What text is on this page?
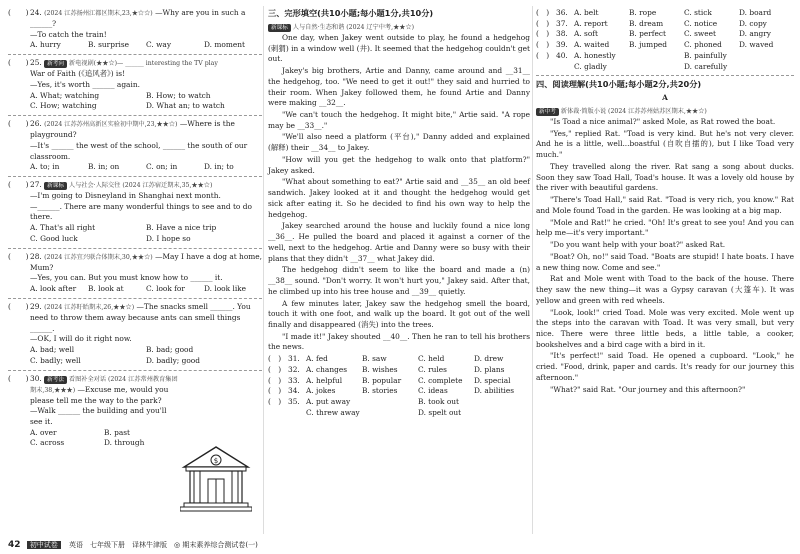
(　　) 24. (2024 江苏扬州江都区期末,23,★☆☆) —Why are you in such a ______?
—To catch the train!
A. hurry	B. surprise	C. way	D. moment
(　　) 25. 新考向 新电视剧(★★☆)— ______ interesting the TV play
War of Faith (《追风者》) is!
—Yes, it's worth ______ again.
A. What; watching	B. How; to watch
C. How; watching	D. What an; to watch
(　　) 26. (2024 江苏苏州高新区实验初中期中,23,★★☆) —Where is the playground?
—It's ______ the west of the school, ______ the south of our classroom.
A. to; in	B. in; on	C. on; in	D. in; to
(　　) 27. 新课标 人与社会·人际交往 (2024 江苏宿迁期末,35,★★☆)
—I'm going to Disneyland in Shanghai next month.
—______. There are many wonderful things to see and to do there.
A. That's all right	B. Have a nice trip
C. Good luck	D. I hope so
(　　) 28. (2024 江苏宜兴联合体期末,30,★★☆) —May I have a dog at home, Mum?
—Yes, you can. But you must know how to ______ it.
A. look after	B. look at	C. look for	D. look like
(　　) 29. (2024 江苏盱眙期末,26,★★☆) —The snacks smell ______. You need to throw them away because ants can smell things ______.
—OK, I will do it right now.
A. bad; well	B. bad; good
C. badly; well	D. badly; good
(　　) 30. 新考法 看图补全对话 (2024 江苏常州教育集团期末,38,★★★) —Excuse me, would you please tell me the way to the park?
—Walk ______ the building and you'll see it.
A. over	B. past
C. across	D. through
$
三、完形填空(共10小题;每小题1分,共10分)
新课标 人与自然·生态和谐 (2024 辽宁中考,★★☆)

One day, when Jakey went outside to play, he found a hedgehog (刺猬) in a window well (井). It seemed that the hedgehog couldn't get out.

Jakey's big brothers, Artie and Danny, came around and __31__ the hedgehog, too. "We need to get it out!" they said and hurried to their room. When Jakey followed them, he found Artie and Danny were making __32__.

"We can't touch the hedgehog. It might bite," Artie said. "A rope may be __33__."

"We'll also need a platform (平台)," Danny added and explained (解释) their __34__ to Jakey.

"How will you get the hedgehog to walk onto that platform?" Jakey asked.

"What about something to eat?" Artie said and __35__ an old beef sandwich. Jakey looked at it and thought the hedgehog would get sick after eating it. So he decided to find his own way to help the hedgehog.

Jakey searched around the house and luckily found a nice long __36__. He pulled the board and placed it against a corner of the well, next to the hedgehog. Artie and Danny were so busy with their plans that they didn't __37__ what Jakey did.

The hedgehog didn't seem to like the board and made a (n) __38__ sound. "Don't worry. It won't hurt you," Jakey said. After that, he climbed up into his tree house and __39__ quietly.

A few minutes later, Jakey saw the hedgehog smell the board, touch it with one foot, and walk up the board. It got out of the well finally and disappeared (消失) into the trees.

"I made it!" Jakey shouted __40__. Then he ran to tell his brothers the news.

(　) 31. A. fed	B. saw	C. held	D. drew
(　) 32. A. changes	B. wishes	C. rules	D. plans
(　) 33. A. helpful	B. popular	C. complete	D. special
(　) 34. A. jokes	B. stories	C. ideas	D. abilities
(　) 35. A. put away	B. took out
C. threw away	D. spelt out
(　) 36. A. belt	B. rope	C. stick	D. board
(　) 37. A. report	B. dream	C. notice	D. copy
(　) 38. A. soft	B. perfect	C. sweet	D. angry
(　) 39. A. waited	B. jumped	C. phoned	D. waved
(　) 40. A. honestly	B. painfully
C. gladly	D. carefully
四、阅读理解(共10小题;每小题2分,共20分)
A
新中考 新体裁·简版小说 (2024 江苏苏州姑苏区期末,★★☆)

"Is Toad a nice animal?" asked Mole, as Rat rowed the boat.

"Yes," replied Rat. "Toad is very kind. But he's not very clever. And he is a little, well...boastful (自吹自擂的), but I like Toad very much."

They travelled along the river. Rat sang a song about ducks. Soon they saw Toad Hall, Toad's house. It was a lovely old house by the river with beautiful gardens.

"There's Toad Hall," said Rat. "Toad is very rich, you know." Rat and Mole found Toad in the garden. He was looking at a big map.

"Mole and Rat!" he cried. "Oh! It's great to see you! And you can help me—it's very important."

"Do you want help with your boat?" asked Rat.

"Boat? Oh, no!" said Toad. "Boats are stupid! I hate boats. I have a new thing now. Come and see."

Rat and Mole went with Toad to the back of the house. There they saw the new thing—it was a Gypsy caravan (大篷车). It was yellow and green with red wheels.

"Look, look!" cried Toad. Mole was very excited. Mole went up the steps into the caravan with Toad. It was very small, but very nice. There were three little beds, a little table, a cooker, bookshelves and a bird cage with a bird in it.

"It's perfect!" said Toad. He opened a cupboard. "Look," he cried. "Food, drink, paper and cards. It's ready for our journey this afternoon."

"What?" said Rat. "Our journey and this afternoon?"

42 初中试卷 英语　七年级下册　译林牛津版　◎ 期末素养综合测试卷(一)
